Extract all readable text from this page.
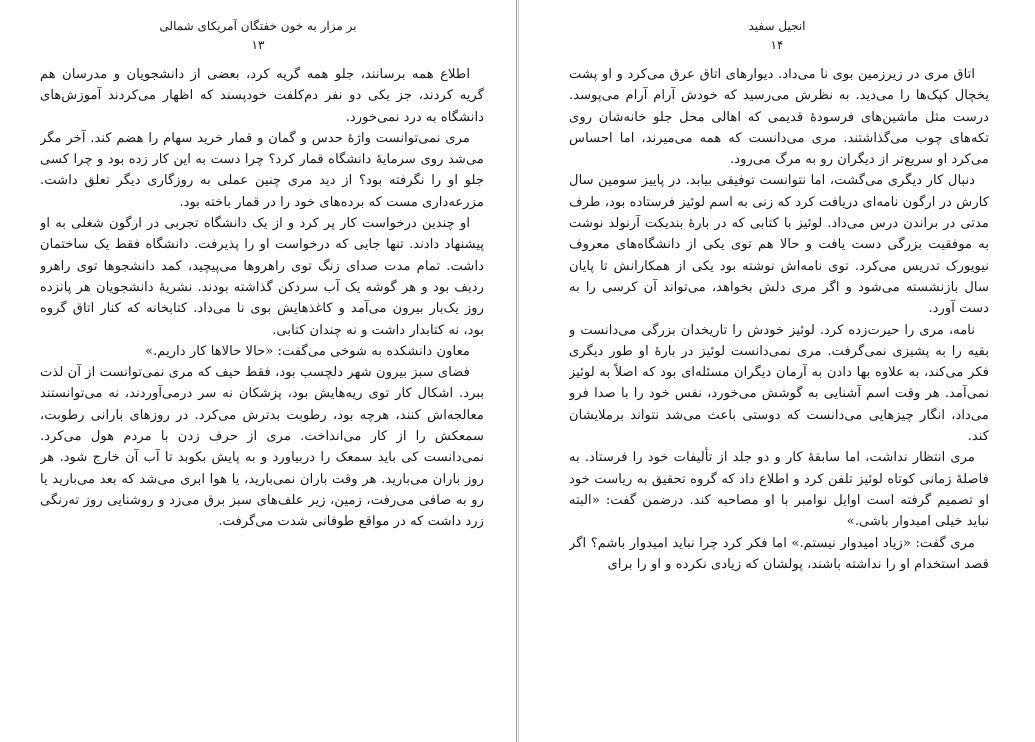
بر مزار به خون خفتگان آمریکای شمالی
۱۳

اطلاع همه برسانند، جلو همه گریه کرد، بعضی از دانشجویان و مدرسان هم گریه کردند، جز یکی دو نفر دم‌کلفت خودپسند که اظهار می‌کردند آموزش‌های دانشگاه به درد نمی‌خورد.

مری نمی‌توانست واژهٔ حدس و گمان و قمار خرید سهام را هضم کند. آخر مگر می‌شد روی سرمایهٔ دانشگاه قمار کرد؟ چرا دست به این کار زده بود و چرا کسی جلو او را نگرفته بود؟ از دید مری چنین عملی به روزگاری دیگر تعلق داشت. مزرعه‌داری مست که برده‌های خود را در قمار باخته بود.

او چندین درخواست کار پر کرد و از یک دانشگاه تجربی در ارگون شغلی به او پیشنهاد دادند. تنها جایی که درخواست او را پذیرفت. دانشگاه فقط یک ساختمان داشت. تمام مدت صدای زنگ توی راهروها می‌پیچید، کمد دانشجوها توی راهرو ردیف بود و هر گوشه یک آب سردکن گذاشته بودند. نشریهٔ دانشجویان هر پانزده روز یک‌بار بیرون می‌آمد و کاغذهایش بوی نا می‌داد. کتابخانه که کنار اتاق گروه بود، نه کتابدار داشت و نه چندان کتابی.

معاون دانشکده به شوخی می‌گفت: «حالا حالاها کار داریم.»

فضای سبز بیرون شهر دلچسب بود، فقط حیف که مری نمی‌توانست از آن لذت ببرد. اشکال کار توی ریه‌هایش بود، پزشکان نه سر درمی‌آوردند، نه می‌توانستند معالجه‌اش کنند، هرچه بود، رطوبت بدترش می‌کرد. در روزهای بارانی رطوبت، سمعکش را از کار می‌انداخت. مری از حرف زدن با مردم هول می‌کرد. نمی‌دانست کی باید سمعک را دربیاورد و به پایش بکوبد تا آب آن خارج شود. هر روز باران می‌بارید. هر وقت باران نمی‌بارید، یا هوا ابری می‌شد که بعد می‌بارید یا رو به صافی می‌رفت، زمین، زیر علف‌های سبز برق می‌زد و روشنایی روز ته‌رنگی زرد داشت که در مواقع طوفانی شدت می‌گرفت.

انجیل سفید
۱۴

اتاق مری در زیرزمین بوی نا می‌داد. دیوارهای اتاق عرق می‌کرد و او پشت یخچال کپک‌ها را می‌دید. به نظرش می‌رسید که خودش آرام آرام می‌پوسد. درست مثل ماشین‌های فرسودهٔ قدیمی که اهالی محل جلو خانه‌شان روی تکه‌های چوب می‌گذاشتند. مری می‌دانست که همه می‌میرند، اما احساس می‌کرد او سریع‌تر از دیگران رو به مرگ می‌رود.

دنبال کار دیگری می‌گشت، اما نتوانست توفیقی بیابد. در پاییز سومین سال کارش در ارگون نامه‌ای دریافت کرد که زنی به اسم لوئیز فرستاده بود، طرف مدتی در براندن درس می‌داد. لوئیز با کتابی که در بارهٔ بندیکت آرنولد نوشت به موفقیت بزرگی دست یافت و حالا هم توی یکی از دانشگاه‌های معروف نیویورک تدریس می‌کرد. توی نامه‌اش نوشته بود یکی از همکارانش تا پایان سال بازنشسته می‌شود و اگر مری دلش بخواهد، می‌تواند آن کرسی را به دست آورد.

نامه، مری را حیرت‌زده کرد. لوئیز خودش را تاریخدان بزرگی می‌دانست و بقیه را به پشیزی نمی‌گرفت. مری نمی‌دانست لوئیز در بارهٔ او طور دیگری فکر می‌کند، به علاوه بها دادن به آرمان دیگران مسئله‌ای بود که اصلاً به لوئیز نمی‌آمد. هر وقت اسم آشنایی به گوشش می‌خورد، نفس خود را با صدا فرو می‌داد، انگار چیزهایی می‌دانست که دوستی باعث می‌شد نتواند برملایشان کند.

مری انتظار نداشت، اما سابقهٔ کار و دو جلد از تألیفات خود را فرستاد. به فاصلهٔ زمانی کوتاه لوئیز تلفن کرد و اطلاع داد که گروه تحقیق به ریاست خود او تصمیم گرفته است اوایل نوامبر با او مصاحبه کند. درضمن گفت: «البته نباید خیلی امیدوار باشی.»

مری گفت: «زیاد امیدوار نیستم.» اما فکر کرد چرا نباید امیدوار باشم؟ اگر قصد استخدام او را نداشته باشند، پولشان که زیادی نکرده و او را برای
